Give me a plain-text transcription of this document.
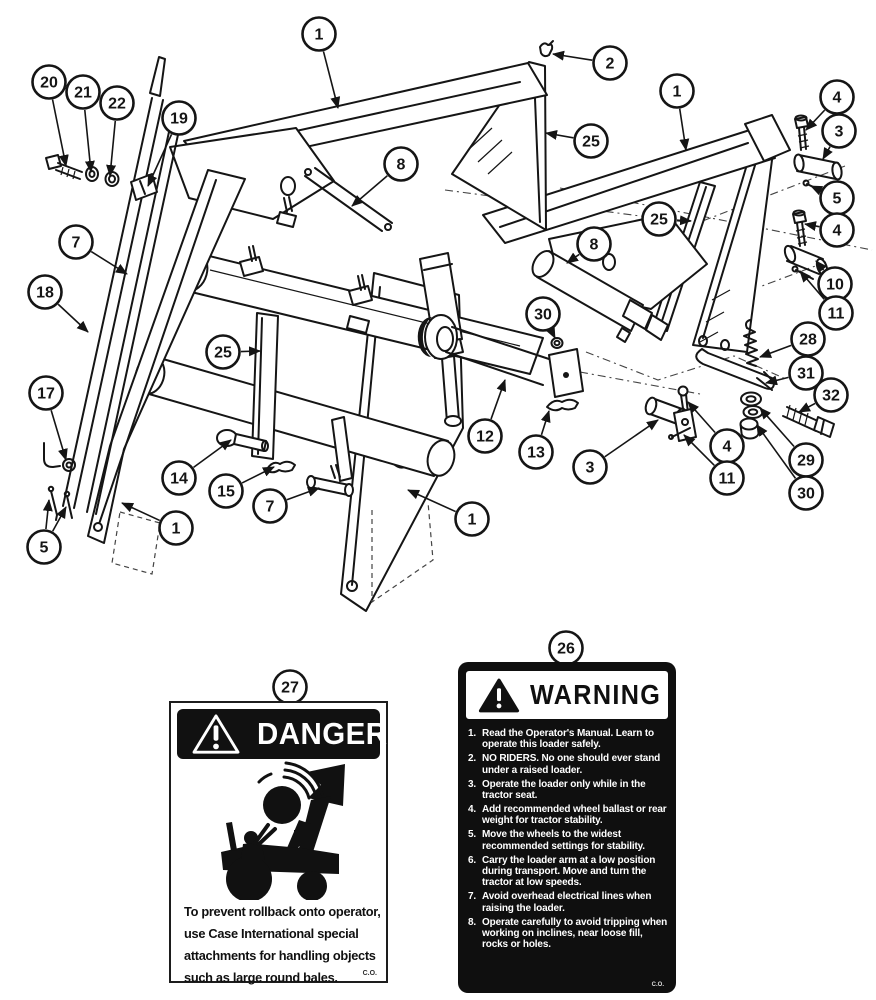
20
21
22
19
1
2
1
25
4
3
5
4
10
11
8
25
8
7
18
17
25
14
15
7
1
5
30
28
31
32
12
13
3
4
11
29
30
1
26
27
DANGER
To prevent rollback onto operator,
use Case International special
attachments for handling objects
such as large round bales.	C.O.
WARNING
1. Read the Operator's Manual. Learn to operate this loader safely.
2. NO RIDERS. No one should ever stand under a raised loader.
3. Operate the loader only while in the tractor seat.
4. Add recommended wheel ballast or rear weight for tractor stability.
5. Move the wheels to the widest recommended settings for stability.
6. Carry the loader arm at a low position during transport. Move and turn the tractor at low speeds.
7. Avoid overhead electrical lines when raising the loader.
8. Operate carefully to avoid tripping when working on inclines, near loose fill, rocks or holes.
C.O.
